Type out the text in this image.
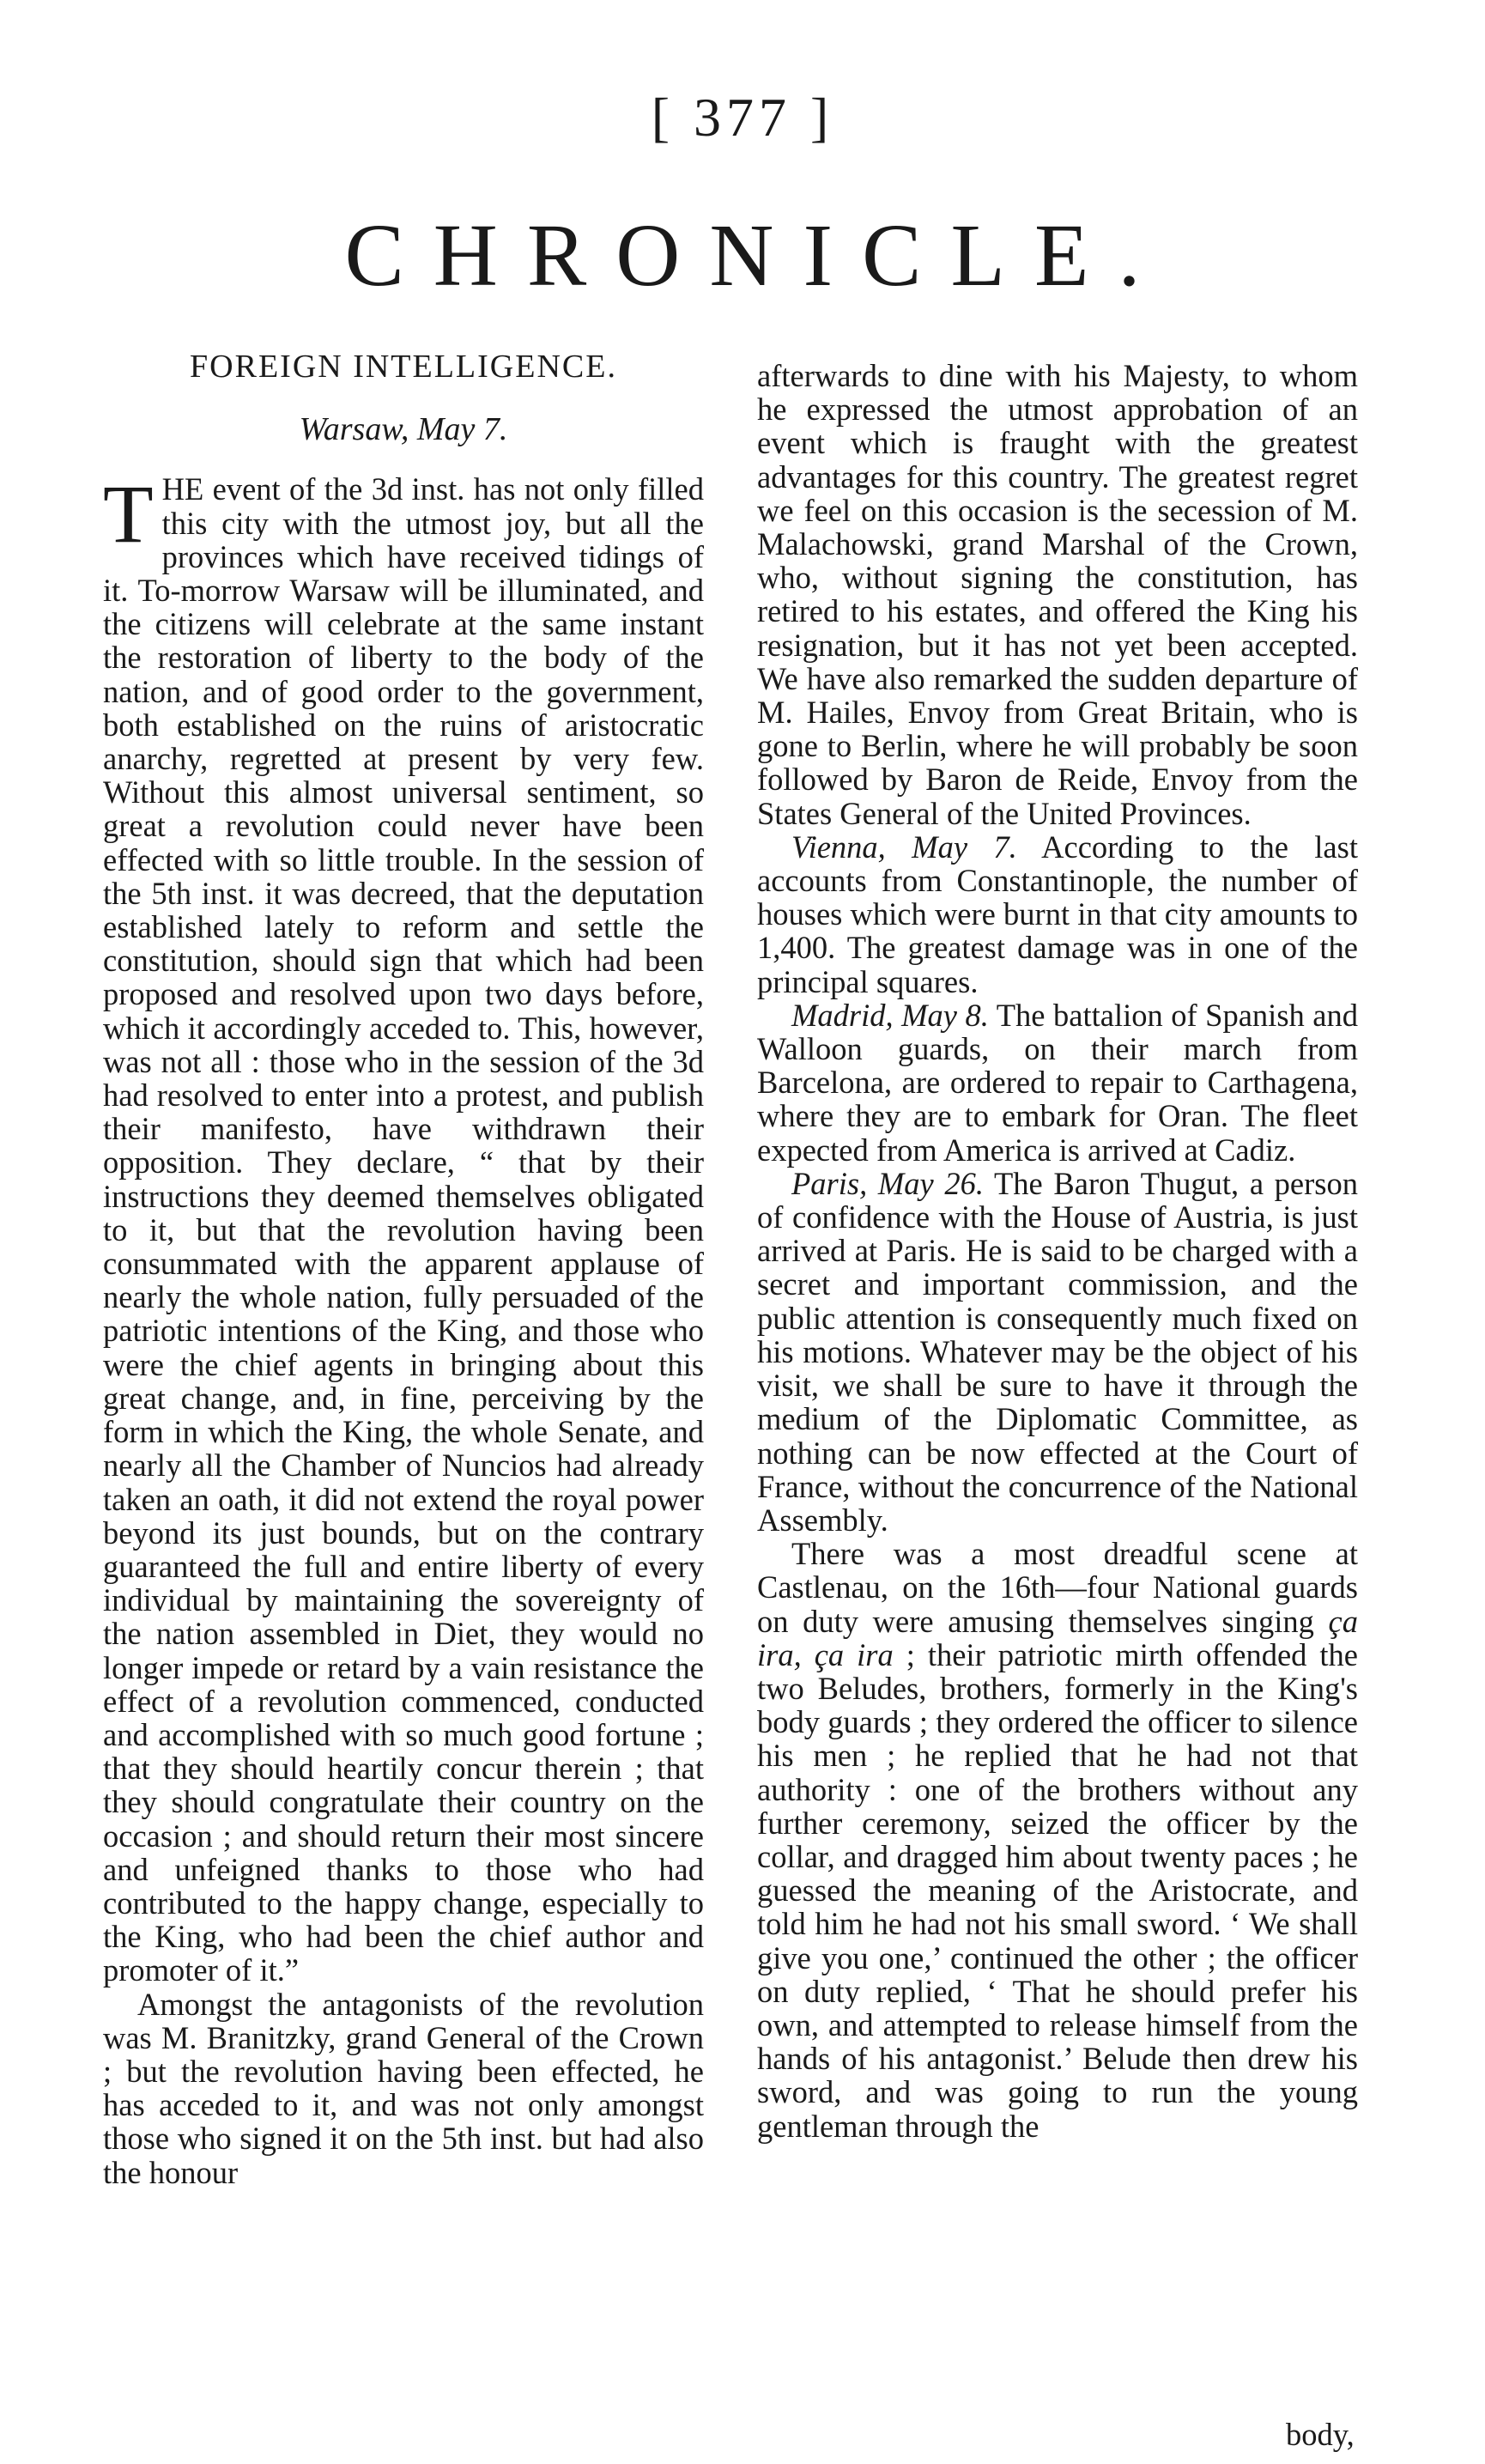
[ 377 ]
CHRONICLE.
FOREIGN INTELLIGENCE.
Warsaw, May 7.

THE event of the 3d inst. has not only filled this city with the utmost joy, but all the provinces which have received tidings of it. To-morrow Warsaw will be illuminated, and the citizens will celebrate at the same instant the restoration of liberty to the body of the nation, and of good order to the government, both established on the ruins of aristocratic anarchy, regretted at present by very few. Without this almost universal sentiment, so great a revolution could never have been effected with so little trouble. In the session of the 5th inst. it was decreed, that the deputation established lately to reform and settle the constitution, should sign that which had been proposed and resolved upon two days before, which it accordingly acceded to. This, however, was not all : those who in the session of the 3d had resolved to enter into a protest, and publish their manifesto, have withdrawn their opposition. They declare, “ that by their instructions they deemed themselves obligated to it, but that the revolution having been consummated with the apparent applause of nearly the whole nation, fully persuaded of the patriotic intentions of the King, and those who were the chief agents in bringing about this great change, and, in fine, perceiving by the form in which the King, the whole Senate, and nearly all the Chamber of Nuncios had already taken an oath, it did not extend the royal power beyond its just bounds, but on the contrary guaranteed the full and entire liberty of every individual by maintaining the sovereignty of the nation assembled in Diet, they would no longer impede or retard by a vain resistance the effect of a revolution commenced, conducted and accomplished with so much good fortune ; that they should heartily concur therein ; that they should congratulate their country on the occasion ; and should return their most sincere and unfeigned thanks to those who had contributed to the happy change, especially to the King, who had been the chief author and promoter of it.”

Amongst the antagonists of the revolution was M. Branitzky, grand General of the Crown ; but the revolution having been effected, he has acceded to it, and was not only amongst those who signed it on the 5th inst. but had also the honour

afterwards to dine with his Majesty, to whom he expressed the utmost approbation of an event which is fraught with the greatest advantages for this country. The greatest regret we feel on this occasion is the secession of M. Malachowski, grand Marshal of the Crown, who, without signing the constitution, has retired to his estates, and offered the King his resignation, but it has not yet been accepted. We have also remarked the sudden departure of M. Hailes, Envoy from Great Britain, who is gone to Berlin, where he will probably be soon followed by Baron de Reide, Envoy from the States General of the United Provinces.

Vienna, May 7. According to the last accounts from Constantinople, the number of houses which were burnt in that city amounts to 1,400. The greatest damage was in one of the principal squares.

Madrid, May 8. The battalion of Spanish and Walloon guards, on their march from Barcelona, are ordered to repair to Carthagena, where they are to embark for Oran. The fleet expected from America is arrived at Cadiz.

Paris, May 26. The Baron Thugut, a person of confidence with the House of Austria, is just arrived at Paris. He is said to be charged with a secret and important commission, and the public attention is consequently much fixed on his motions. Whatever may be the object of his visit, we shall be sure to have it through the medium of the Diplomatic Committee, as nothing can be now effected at the Court of France, without the concurrence of the National Assembly.

There was a most dreadful scene at Castlenau, on the 16th—four National guards on duty were amusing themselves singing ça ira, ça ira ; their patriotic mirth offended the two Beludes, brothers, formerly in the King's body guards ; they ordered the officer to silence his men ; he replied that he had not that authority : one of the brothers without any further ceremony, seized the officer by the collar, and dragged him about twenty paces ; he guessed the meaning of the Aristocrate, and told him he had not his small sword. ‘ We shall give you one,’ continued the other ; the officer on duty replied, ‘ That he should prefer his own, and attempted to release himself from the hands of his antagonist.’ Belude then drew his sword, and was going to run the young gentleman through the

body,
